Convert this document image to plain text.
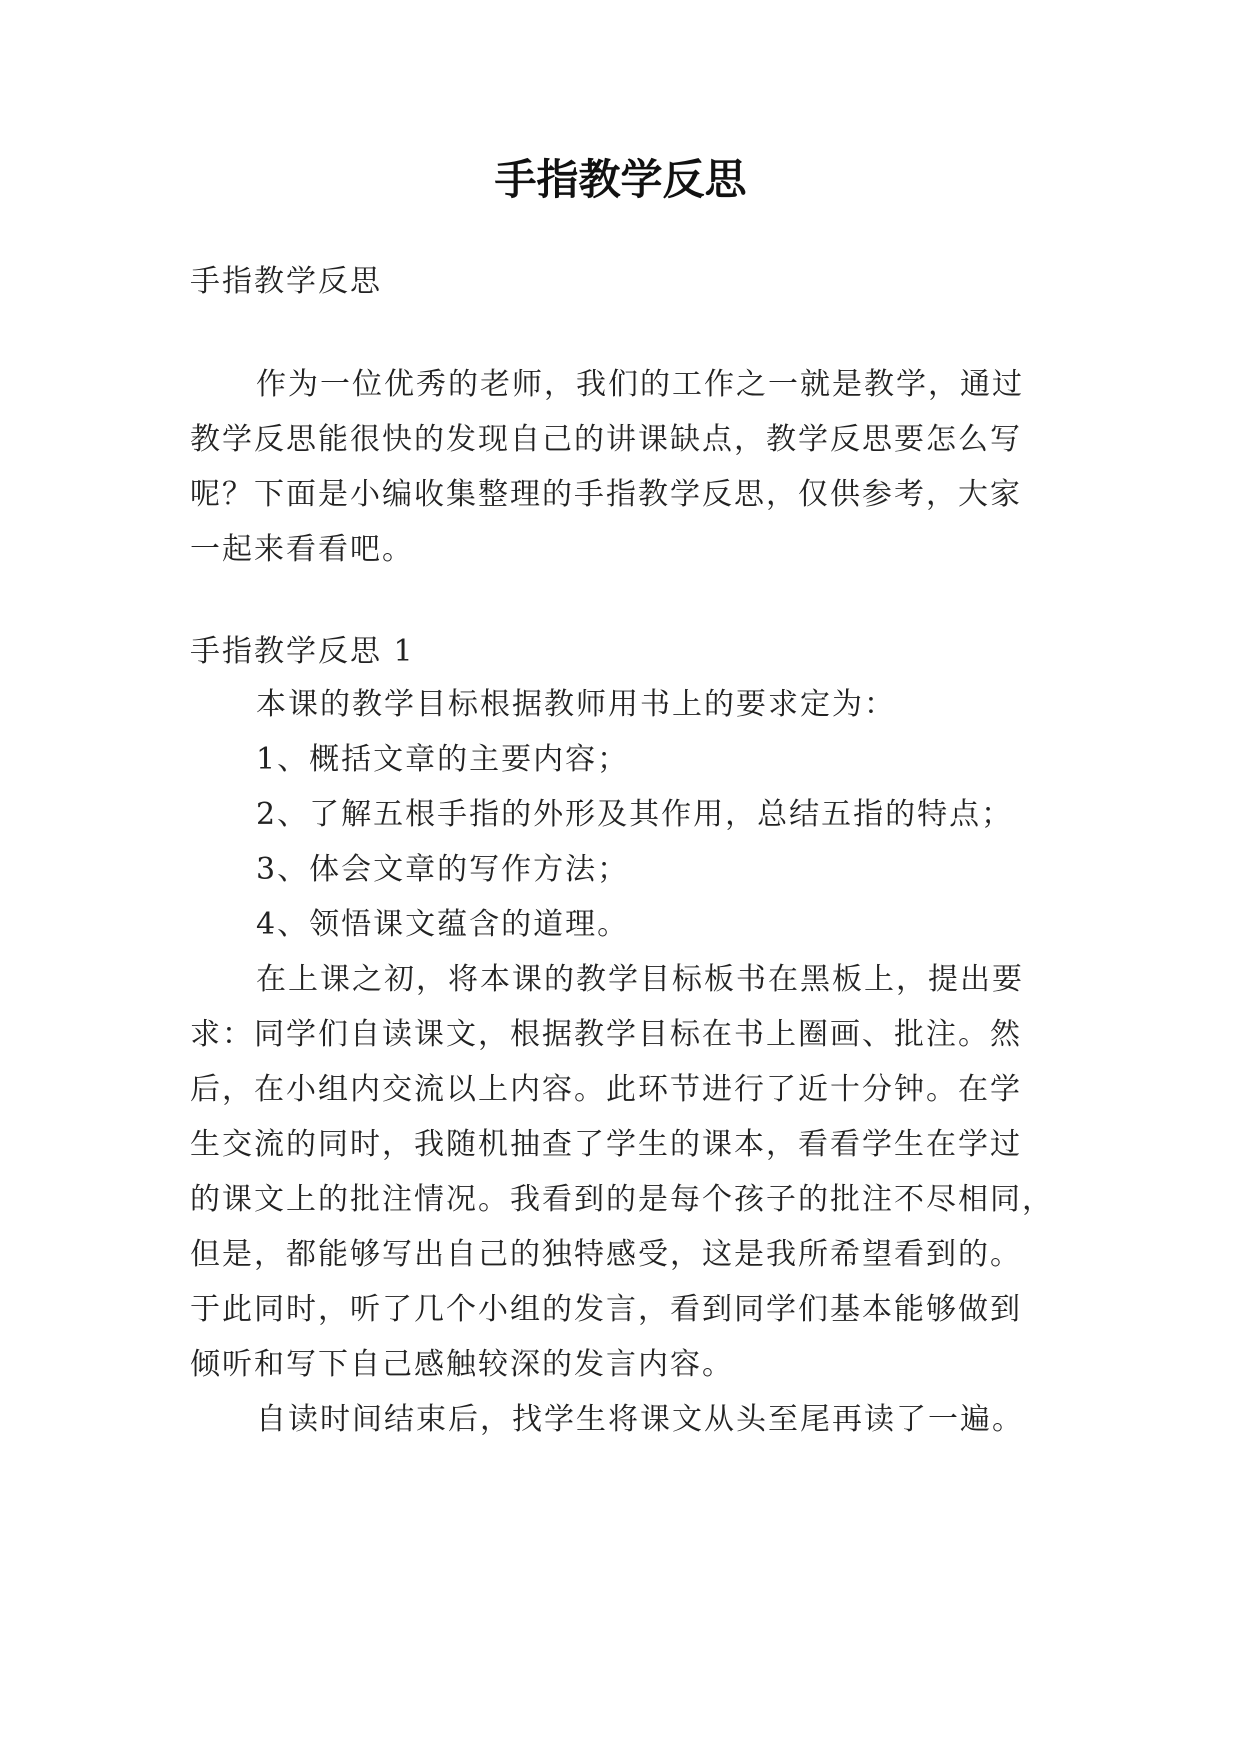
手指教学反思
手指教学反思
作为一位优秀的老师，我们的工作之一就是教学，通过
教学反思能很快的发现自己的讲课缺点，教学反思要怎么写
呢？下面是小编收集整理的手指教学反思，仅供参考，大家
一起来看看吧。
手指教学反思 1
本课的教学目标根据教师用书上的要求定为：
1、概括文章的主要内容；
2、了解五根手指的外形及其作用，总结五指的特点；
3、体会文章的写作方法；
4、领悟课文蕴含的道理。
在上课之初，将本课的教学目标板书在黑板上，提出要
求：同学们自读课文，根据教学目标在书上圈画、批注。然
后，在小组内交流以上内容。此环节进行了近十分钟。在学
生交流的同时，我随机抽查了学生的课本，看看学生在学过
的课文上的批注情况。我看到的是每个孩子的批注不尽相同，
但是，都能够写出自己的独特感受，这是我所希望看到的。
于此同时，听了几个小组的发言，看到同学们基本能够做到
倾听和写下自己感触较深的发言内容。
自读时间结束后，找学生将课文从头至尾再读了一遍。
